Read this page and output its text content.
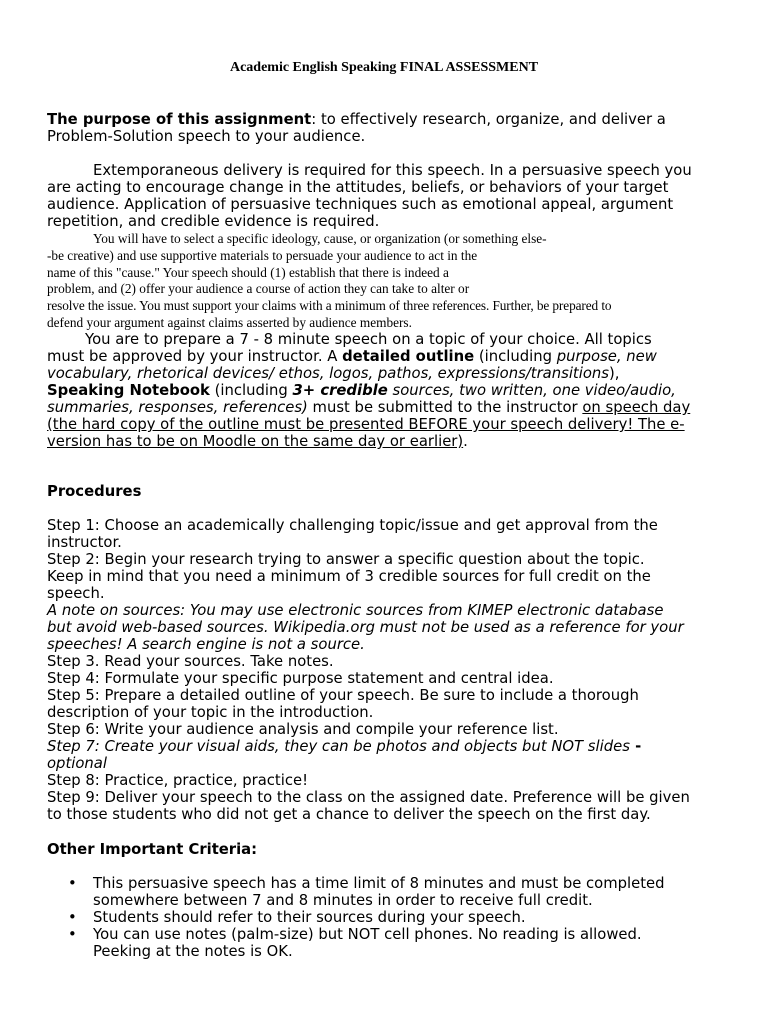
Academic English Speaking FINAL ASSESSMENT
The purpose of this assignment: to effectively research, organize, and deliver a
Problem-Solution speech to your audience.
Extemporaneous delivery is required for this speech. In a persuasive speech you
are acting to encourage change in the attitudes, beliefs, or behaviors of your target
audience. Application of persuasive techniques such as emotional appeal, argument
repetition, and credible evidence is required.
You will have to select a specific ideology, cause, or organization (or something else-
-be creative) and use supportive materials to persuade your audience to act in the
name of this "cause." Your speech should (1) establish that there is indeed a
problem, and (2) offer your audience a course of action they can take to alter or
resolve the issue. You must support your claims with a minimum of three references. Further, be prepared to
defend your argument against claims asserted by audience members.
You are to prepare a 7 - 8 minute speech on a topic of your choice. All topics
must be approved by your instructor. A detailed outline (including purpose, new
vocabulary, rhetorical devices/ ethos, logos, pathos, expressions/transitions),
Speaking Notebook (including 3+ credible sources, two written, one video/audio,
summaries, responses, references) must be submitted to the instructor on speech day
(the hard copy of the outline must be presented BEFORE your speech delivery! The e-
version has to be on Moodle on the same day or earlier).
Procedures
Step 1: Choose an academically challenging topic/issue and get approval from the
instructor.
Step 2: Begin your research trying to answer a specific question about the topic.
Keep in mind that you need a minimum of 3 credible sources for full credit on the
speech.
A note on sources: You may use electronic sources from KIMEP electronic database
but avoid web-based sources. Wikipedia.org must not be used as a reference for your
speeches! A search engine is not a source.
Step 3. Read your sources. Take notes.
Step 4: Formulate your specific purpose statement and central idea.
Step 5: Prepare a detailed outline of your speech. Be sure to include a thorough
description of your topic in the introduction.
Step 6: Write your audience analysis and compile your reference list.
Step 7: Create your visual aids, they can be photos and objects but NOT slides -
optional
Step 8: Practice, practice, practice!
Step 9: Deliver your speech to the class on the assigned date. Preference will be given
to those students who did not get a chance to deliver the speech on the first day.
Other Important Criteria:
• This persuasive speech has a time limit of 8 minutes and must be completed
somewhere between 7 and 8 minutes in order to receive full credit.
• Students should refer to their sources during your speech.
• You can use notes (palm-size) but NOT cell phones. No reading is allowed.
Peeking at the notes is OK.
